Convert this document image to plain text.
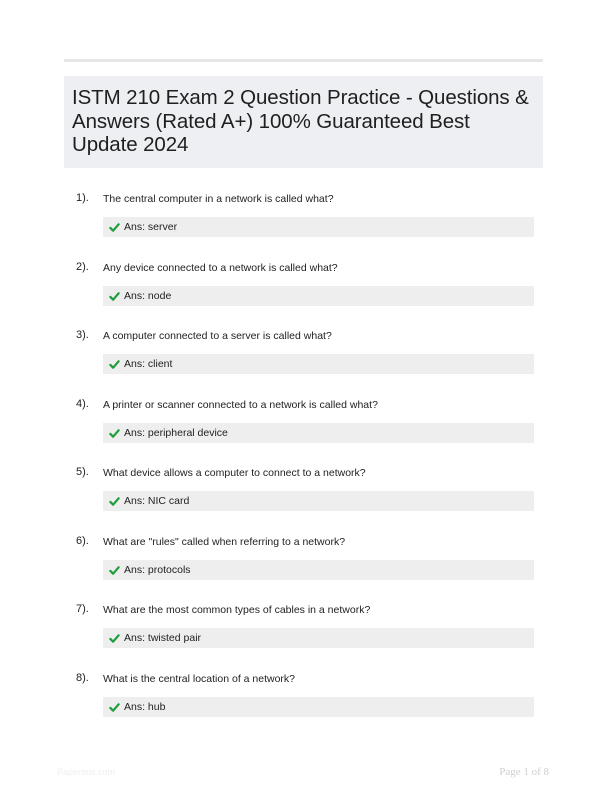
ISTM 210 Exam 2 Question Practice - Questions & Answers (Rated A+) 100% Guaranteed Best Update 2024
1). The central computer in a network is called what?
Ans: server
2). Any device connected to a network is called what?
Ans: node
3). A computer connected to a server is called what?
Ans: client
4). A printer or scanner connected to a network is called what?
Ans: peripheral device
5). What device allows a computer to connect to a network?
Ans: NIC card
6). What are "rules" called when referring to a network?
Ans: protocols
7). What are the most common types of cables in a network?
Ans: twisted pair
8). What is the central location of a network?
Ans: hub
Papertest.com	Page 1 of 8
